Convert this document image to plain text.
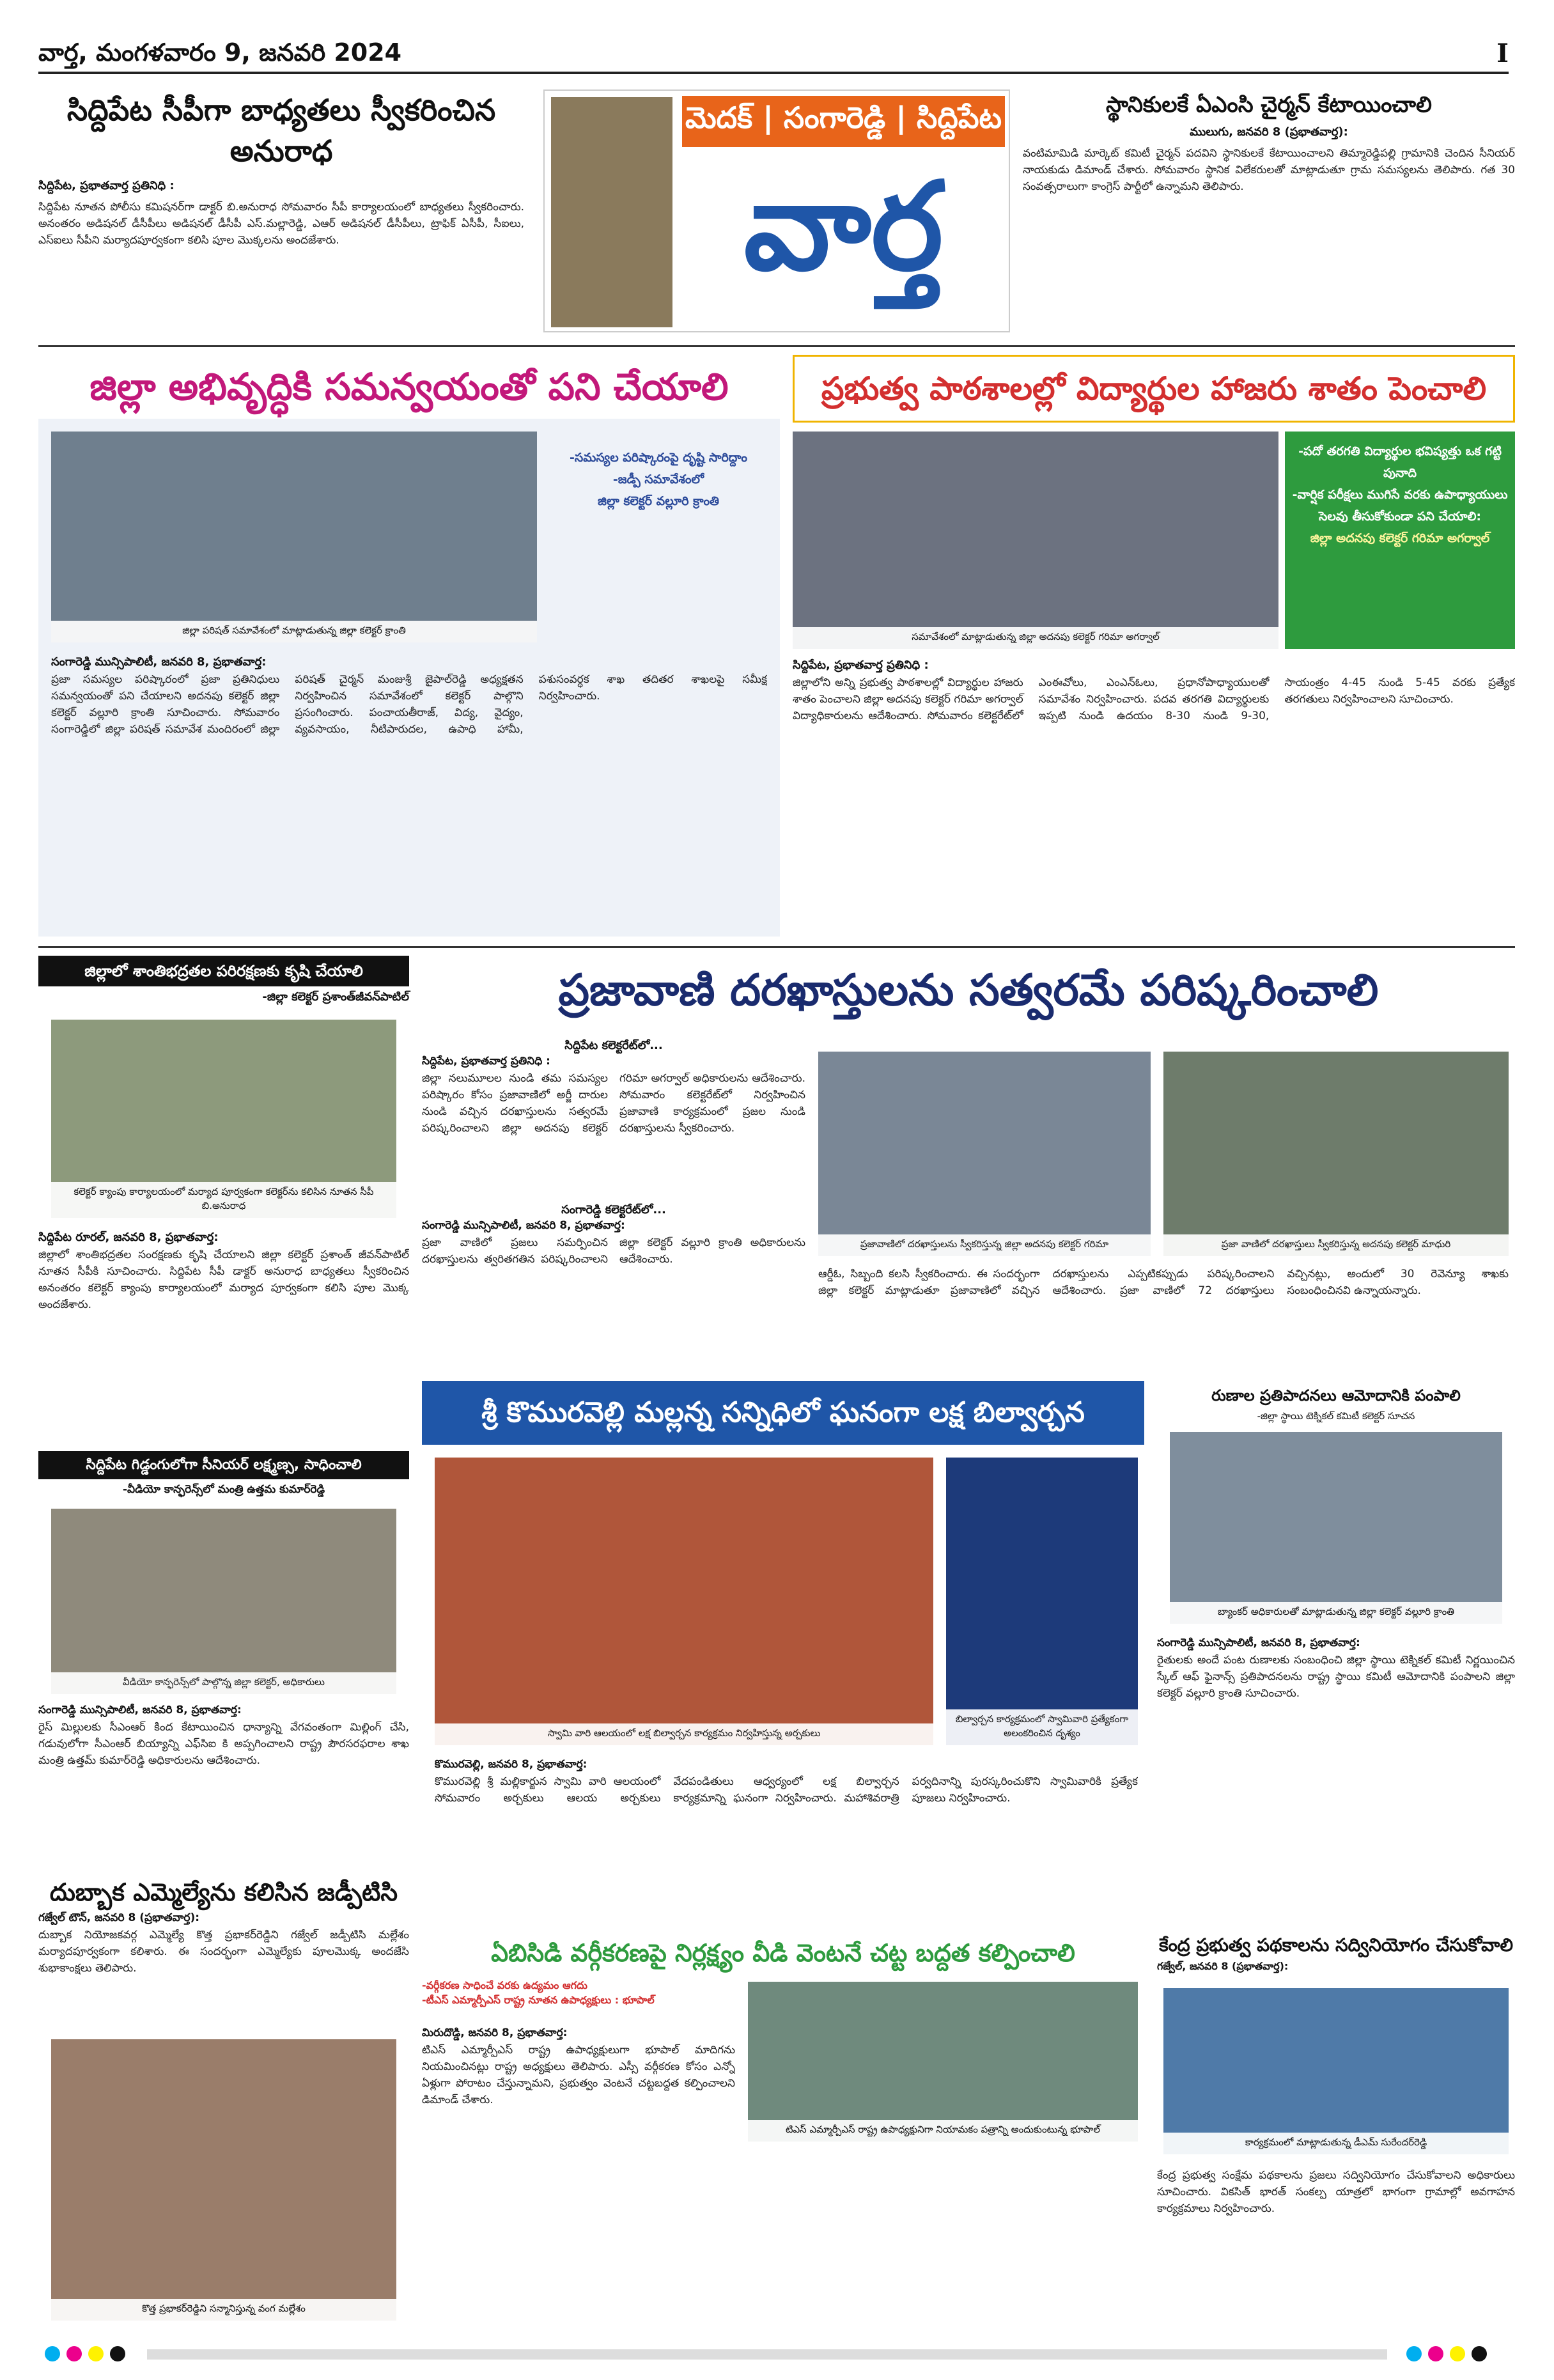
వార్త, మంగళవారం 9, జనవరి 2024	I
సిద్దిపేట సీపీగా బాధ్యతలు స్వీకరించిన అనురాధ
సిద్దిపేట, ప్రభాతవార్త ప్రతినిధి :
సిద్దిపేట నూతన పోలీసు కమిషనర్‌గా డాక్టర్ బి.అనురాధ సోమవారం సీపీ కార్యాలయంలో బాధ్యతలు స్వీకరించారు. అనంతరం అడిషనల్ డీసీపీలు అడిషనల్ డీసీపీ ఎస్.మల్లారెడ్డి, ఎఆర్ అడిషనల్ డీసీపీలు, ట్రాఫిక్ ఏసీపీ, సీఐలు, ఎస్ఐలు సీపీని మర్యాదపూర్వకంగా కలిసి పూల మొక్కలను అందజేశారు.
మెదక్ | సంగారెడ్డి | సిద్దిపేట
వార్త
స్థానికులకే ఏఎంసి చైర్మన్ కేటాయించాలి
ములుగు, జనవరి 8 (ప్రభాతవార్త):
వంటిమామిడి మార్కెట్ కమిటీ చైర్మన్ పదవిని స్థానికులకే కేటాయించాలని తిమ్మారెడ్డిపల్లి గ్రామానికి చెందిన సీనియర్ నాయకుడు డిమాండ్ చేశారు. సోమవారం స్థానిక విలేకరులతో మాట్లాడుతూ గ్రామ సమస్యలను తెలిపారు. గత 30 సంవత్సరాలుగా కాంగ్రెస్ పార్టీలో ఉన్నామని తెలిపారు.
జిల్లా అభివృద్ధికి సమన్వయంతో పని చేయాలి
జిల్లా పరిషత్ సమావేశంలో మాట్లాడుతున్న జిల్లా కలెక్టర్ క్రాంతి
-సమస్యల పరిష్కారంపై దృష్టి సారిద్దాం
-జడ్పీ సమావేశంలో
జిల్లా కలెక్టర్ వల్లూరి క్రాంతి
సంగారెడ్డి మున్సిపాలిటీ, జనవరి 8, ప్రభాతవార్త:
ప్రజా సమస్యల పరిష్కారంలో ప్రజా ప్రతినిధులు సమన్వయంతో పని చేయాలని అదనపు కలెక్టర్ జిల్లా కలెక్టర్ వల్లూరి క్రాంతి సూచించారు. సోమవారం సంగారెడ్డిలో జిల్లా పరిషత్ సమావేశ మందిరంలో జిల్లా పరిషత్ చైర్మన్ మంజుశ్రీ జైపాల్‌రెడ్డి అధ్యక్షతన నిర్వహించిన సమావేశంలో కలెక్టర్ పాల్గొని ప్రసంగించారు. పంచాయతీరాజ్, విద్య, వైద్యం, వ్యవసాయం, నీటిపారుదల, ఉపాధి హామీ, పశుసంవర్ధక శాఖ తదితర శాఖలపై సమీక్ష నిర్వహించారు.
ప్రభుత్వ పాఠశాలల్లో విద్యార్థుల హాజరు శాతం పెంచాలి
సమావేశంలో మాట్లాడుతున్న జిల్లా అదనపు కలెక్టర్ గరిమా అగర్వాల్
-పదో తరగతి విద్యార్థుల భవిష్యత్తు ఒక గట్టి పునాది
-వార్షిక పరీక్షలు ముగిసే వరకు ఉపాధ్యాయులు సెలవు తీసుకోకుండా పని చేయాలి:
జిల్లా అదనపు కలెక్టర్ గరిమా అగర్వాల్
సిద్దిపేట, ప్రభాతవార్త ప్రతినిధి :
జిల్లాలోని అన్ని ప్రభుత్వ పాఠశాలల్లో విద్యార్థుల హాజరు శాతం పెంచాలని జిల్లా అదనపు కలెక్టర్ గరిమా అగర్వాల్ విద్యాధికారులను ఆదేశించారు. సోమవారం కలెక్టరేట్‌లో ఎంఈవోలు, ఎంఎన్ఓలు, ప్రధానోపాధ్యాయులతో సమావేశం నిర్వహించారు. పదవ తరగతి విద్యార్థులకు ఇప్పటి నుండి ఉదయం 8-30 నుండి 9-30, సాయంత్రం 4-45 నుండి 5-45 వరకు ప్రత్యేక తరగతులు నిర్వహించాలని సూచించారు.
జిల్లాలో శాంతిభద్రతల పరిరక్షణకు కృషి చేయాలి
-జిల్లా కలెక్టర్ ప్రశాంత్‌జీవన్‌పాటిల్
కలెక్టర్ క్యాంపు కార్యాలయంలో మర్యాద పూర్వకంగా కలెక్టర్‌ను కలిసిన నూతన సీపీ బి.అనురాధ
సిద్దిపేట రూరల్, జనవరి 8, ప్రభాతవార్త:
జిల్లాలో శాంతిభద్రతల సంరక్షణకు కృషి చేయాలని జిల్లా కలెక్టర్ ప్రశాంత్ జీవన్‌పాటిల్ నూతన సీపీకి సూచించారు. సిద్దిపేట సీపీ డాక్టర్ అనురాధ బాధ్యతలు స్వీకరించిన అనంతరం కలెక్టర్ క్యాంపు కార్యాలయంలో మర్యాద పూర్వకంగా కలిసి పూల మొక్క అందజేశారు.
ప్రజావాణి దరఖాస్తులను సత్వరమే పరిష్కరించాలి
సిద్దిపేట కలెక్టరేట్‌లో...
సిద్దిపేట, ప్రభాతవార్త ప్రతినిధి :
జిల్లా నలుమూలల నుండి తమ సమస్యల పరిష్కారం కోసం ప్రజావాణిలో అర్జీ దారుల నుండి వచ్చిన దరఖాస్తులను సత్వరమే పరిష్కరించాలని జిల్లా అదనపు కలెక్టర్ గరిమా అగర్వాల్ అధికారులను ఆదేశించారు. సోమవారం కలెక్టరేట్‌లో నిర్వహించిన ప్రజావాణి కార్యక్రమంలో ప్రజల నుండి దరఖాస్తులను స్వీకరించారు.
సంగారెడ్డి కలెక్టరేట్‌లో...
సంగారెడ్డి మున్సిపాలిటీ, జనవరి 8, ప్రభాతవార్త:
ప్రజా వాణిలో ప్రజలు సమర్పించిన దరఖాస్తులను త్వరితగతిన పరిష్కరించాలని జిల్లా కలెక్టర్ వల్లూరి క్రాంతి అధికారులను ఆదేశించారు.
ప్రజావాణిలో దరఖాస్తులను స్వీకరిస్తున్న జిల్లా అదనపు కలెక్టర్ గరిమా	ప్రజా వాణిలో దరఖాస్తులు స్వీకరిస్తున్న అదనపు కలెక్టర్ మాధురి
ఆర్డీఓ, సిబ్బంది కలసి స్వీకరించారు. ఈ సందర్భంగా జిల్లా కలెక్టర్ మాట్లాడుతూ ప్రజావాణిలో వచ్చిన దరఖాస్తులను ఎప్పటికప్పుడు పరిష్కరించాలని ఆదేశించారు. ప్రజా వాణిలో 72 దరఖాస్తులు వచ్చినట్లు, అందులో 30 రెవెన్యూ శాఖకు సంబంధించినవి ఉన్నాయన్నారు.
సిద్దిపేట గిడ్డంగులోగా సీనియర్ లక్ష్మణ్స, సాధించాలి
-వీడియో కాన్ఫరెన్స్‌లో మంత్రి ఉత్తమ కుమార్‌రెడ్డి
వీడియో కాన్ఫరెన్స్‌లో పాల్గొన్న జిల్లా కలెక్టర్, అధికారులు
సంగారెడ్డి మున్సిపాలిటీ, జనవరి 8, ప్రభాతవార్త:
రైస్ మిల్లులకు సీఎంఆర్ కింద కేటాయించిన ధాన్యాన్ని వేగవంతంగా మిల్లింగ్ చేసి, గడువులోగా సీఎంఆర్ బియ్యాన్ని ఎఫ్‌సిఐ కి అప్పగించాలని రాష్ట్ర పౌరసరఫరాల శాఖ మంత్రి ఉత్తమ్ కుమార్‌రెడ్డి అధికారులను ఆదేశించారు.
శ్రీ కొమురవెల్లి మల్లన్న సన్నిధిలో ఘనంగా లక్ష బిల్వార్చన
స్వామి వారి ఆలయంలో లక్ష బిల్వార్చన కార్యక్రమం నిర్వహిస్తున్న అర్చకులు
బిల్వార్చన కార్యక్రమంలో స్వామివారి ప్రత్యేకంగా అలంకరించిన దృశ్యం
కొమురవెల్లి, జనవరి 8, ప్రభాతవార్త:
కొమురవెల్లి శ్రీ మల్లికార్జున స్వామి వారి ఆలయంలో సోమవారం అర్చకులు ఆలయ అర్చకులు వేదపండితులు ఆధ్వర్యంలో లక్ష బిల్వార్చన కార్యక్రమాన్ని ఘనంగా నిర్వహించారు. మహాశివరాత్రి పర్వదినాన్ని పురస్కరించుకొని స్వామివారికి ప్రత్యేక పూజలు నిర్వహించారు.
రుణాల ప్రతిపాదనలు ఆమోదానికి పంపాలి
-జిల్లా స్థాయి టెక్నికల్ కమిటీ కలెక్టర్ సూచన
బ్యాంకర్ అధికారులతో మాట్లాడుతున్న జిల్లా కలెక్టర్ వల్లూరి క్రాంతి
సంగారెడ్డి మున్సిపాలిటీ, జనవరి 8, ప్రభాతవార్త:
రైతులకు అందే పంట రుణాలకు సంబంధించి జిల్లా స్థాయి టెక్నికల్ కమిటీ నిర్ణయించిన స్కేల్ ఆఫ్ ఫైనాన్స్ ప్రతిపాదనలను రాష్ట్ర స్థాయి కమిటీ ఆమోదానికి పంపాలని జిల్లా కలెక్టర్ వల్లూరి క్రాంతి సూచించారు.
దుబ్బాక ఎమ్మెల్యేను కలిసిన జడ్పీటిసి
గజ్వేల్ టౌన్, జనవరి 8 (ప్రభాతవార్త):
దుబ్బాక నియోజకవర్గ ఎమ్మెల్యే కొత్త ప్రభాకర్‌రెడ్డిని గజ్వేల్ జడ్పీటిసి మల్లేశం మర్యాదపూర్వకంగా కలిశారు. ఈ సందర్భంగా ఎమ్మెల్యేకు పూలమొక్క అందజేసి శుభాకాంక్షలు తెలిపారు.
కొత్త ప్రభాకర్‌రెడ్డిని సన్మానిస్తున్న వంగ మల్లేశం
ఏబిసిడి వర్గీకరణపై నిర్లక్ష్యం వీడి వెంటనే చట్ట బద్దత కల్పించాలి
-వర్గీకరణ సాధించే వరకు ఉద్యమం ఆగదు
-టీఎస్ ఎమ్మార్పీఎస్ రాష్ట్ర నూతన ఉపాధ్యక్షులు : భూపాల్
మిరుదొడ్డి, జనవరి 8, ప్రభాతవార్త:
టిఎస్ ఎమ్మార్పీఎస్ రాష్ట్ర ఉపాధ్యక్షులుగా భూపాల్ మాదిగను నియమించినట్లు రాష్ట్ర అధ్యక్షులు తెలిపారు. ఎస్సీ వర్గీకరణ కోసం ఎన్నో ఏళ్లుగా పోరాటం చేస్తున్నామని, ప్రభుత్వం వెంటనే చట్టబద్దత కల్పించాలని డిమాండ్ చేశారు.
టిఎస్ ఎమ్మార్పీఎస్ రాష్ట్ర ఉపాధ్యక్షునిగా నియామకం పత్రాన్ని అందుకుంటున్న భూపాల్
కేంద్ర ప్రభుత్వ పథకాలను సద్వినియోగం చేసుకోవాలి
గజ్వేల్, జనవరి 8 (ప్రభాతవార్త):
కార్యక్రమంలో మాట్లాడుతున్న డీఎమ్ సురేందర్‌రెడ్డి
కేంద్ర ప్రభుత్వ సంక్షేమ పథకాలను ప్రజలు సద్వినియోగం చేసుకోవాలని అధికారులు సూచించారు. వికసిత్ భారత్ సంకల్ప యాత్రలో భాగంగా గ్రామాల్లో అవగాహన కార్యక్రమాలు నిర్వహించారు.
